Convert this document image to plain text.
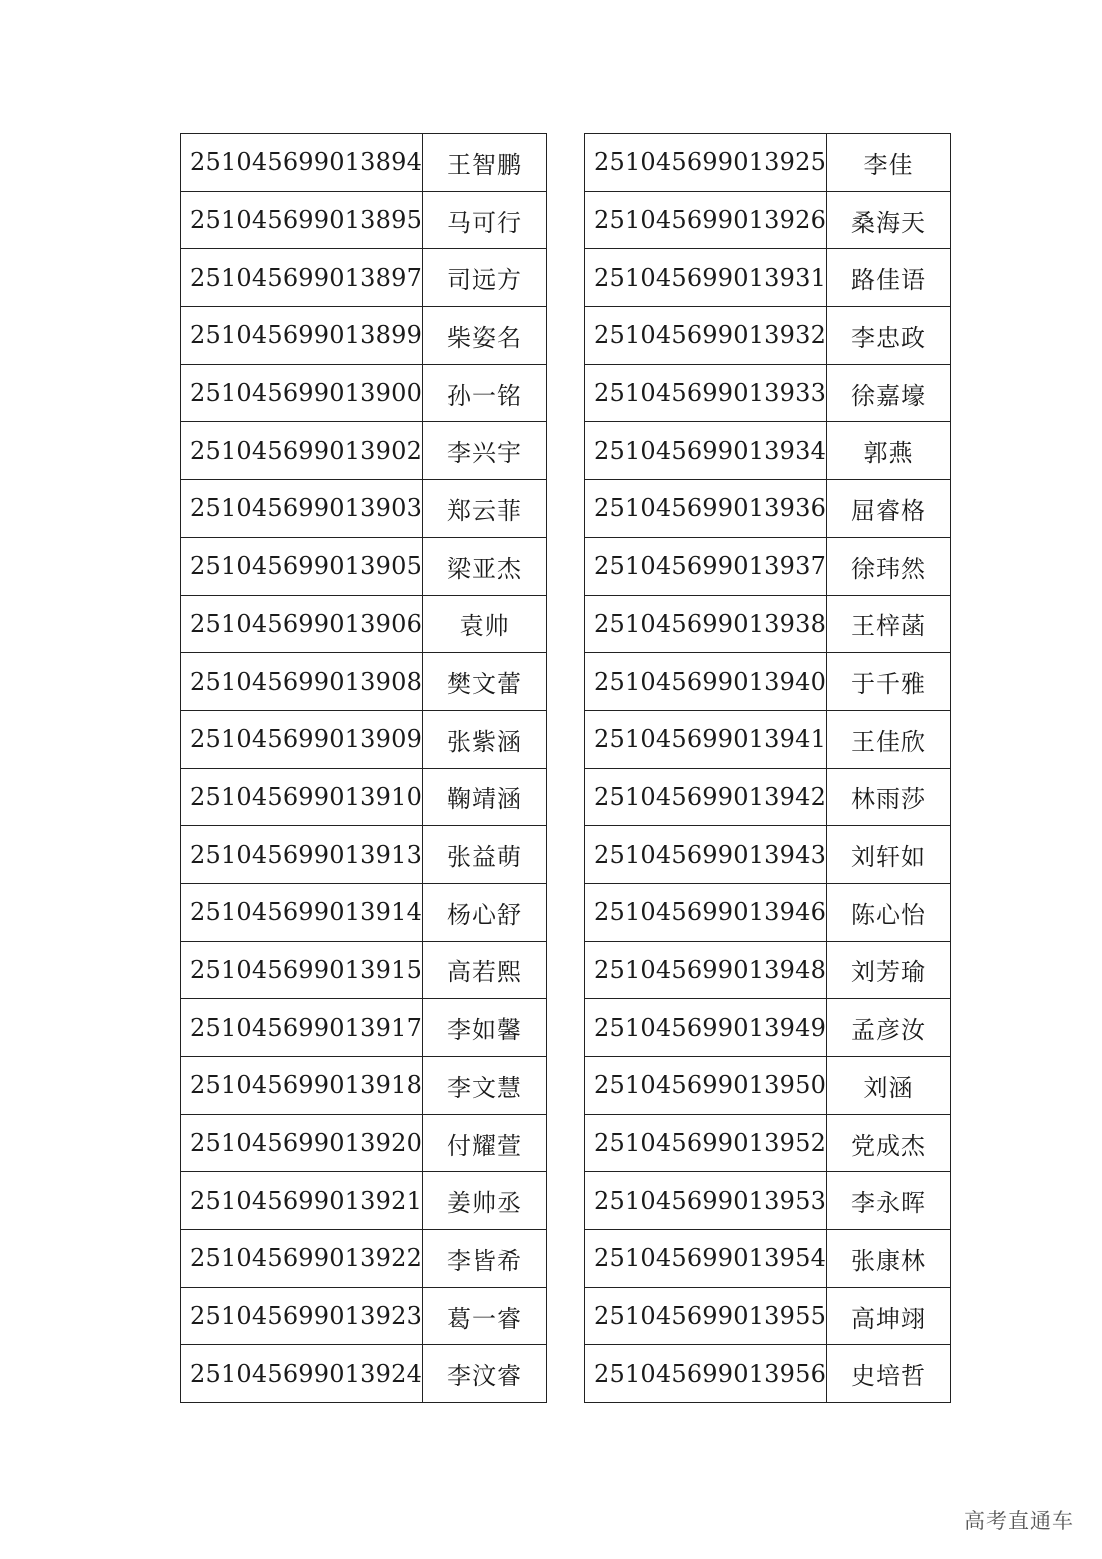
251045699013894	王智鹏
251045699013895	马可行
251045699013897	司远方
251045699013899	柴姿名
251045699013900	孙一铭
251045699013902	李兴宇
251045699013903	郑云菲
251045699013905	梁亚杰
251045699013906	袁帅
251045699013908	樊文蕾
251045699013909	张紫涵
251045699013910	鞠靖涵
251045699013913	张益萌
251045699013914	杨心舒
251045699013915	高若熙
251045699013917	李如馨
251045699013918	李文慧
251045699013920	付耀萱
251045699013921	姜帅丞
251045699013922	李皆希
251045699013923	葛一睿
251045699013924	李汶睿
251045699013925	李佳
251045699013926	桑海天
251045699013931	路佳语
251045699013932	李忠政
251045699013933	徐嘉壕
251045699013934	郭燕
251045699013936	屈睿格
251045699013937	徐玮然
251045699013938	王梓菡
251045699013940	于千雅
251045699013941	王佳欣
251045699013942	林雨莎
251045699013943	刘轩如
251045699013946	陈心怡
251045699013948	刘芳瑜
251045699013949	孟彦汝
251045699013950	刘涵
251045699013952	党成杰
251045699013953	李永晖
251045699013954	张康林
251045699013955	高坤翊
251045699013956	史培哲
高考直通车
